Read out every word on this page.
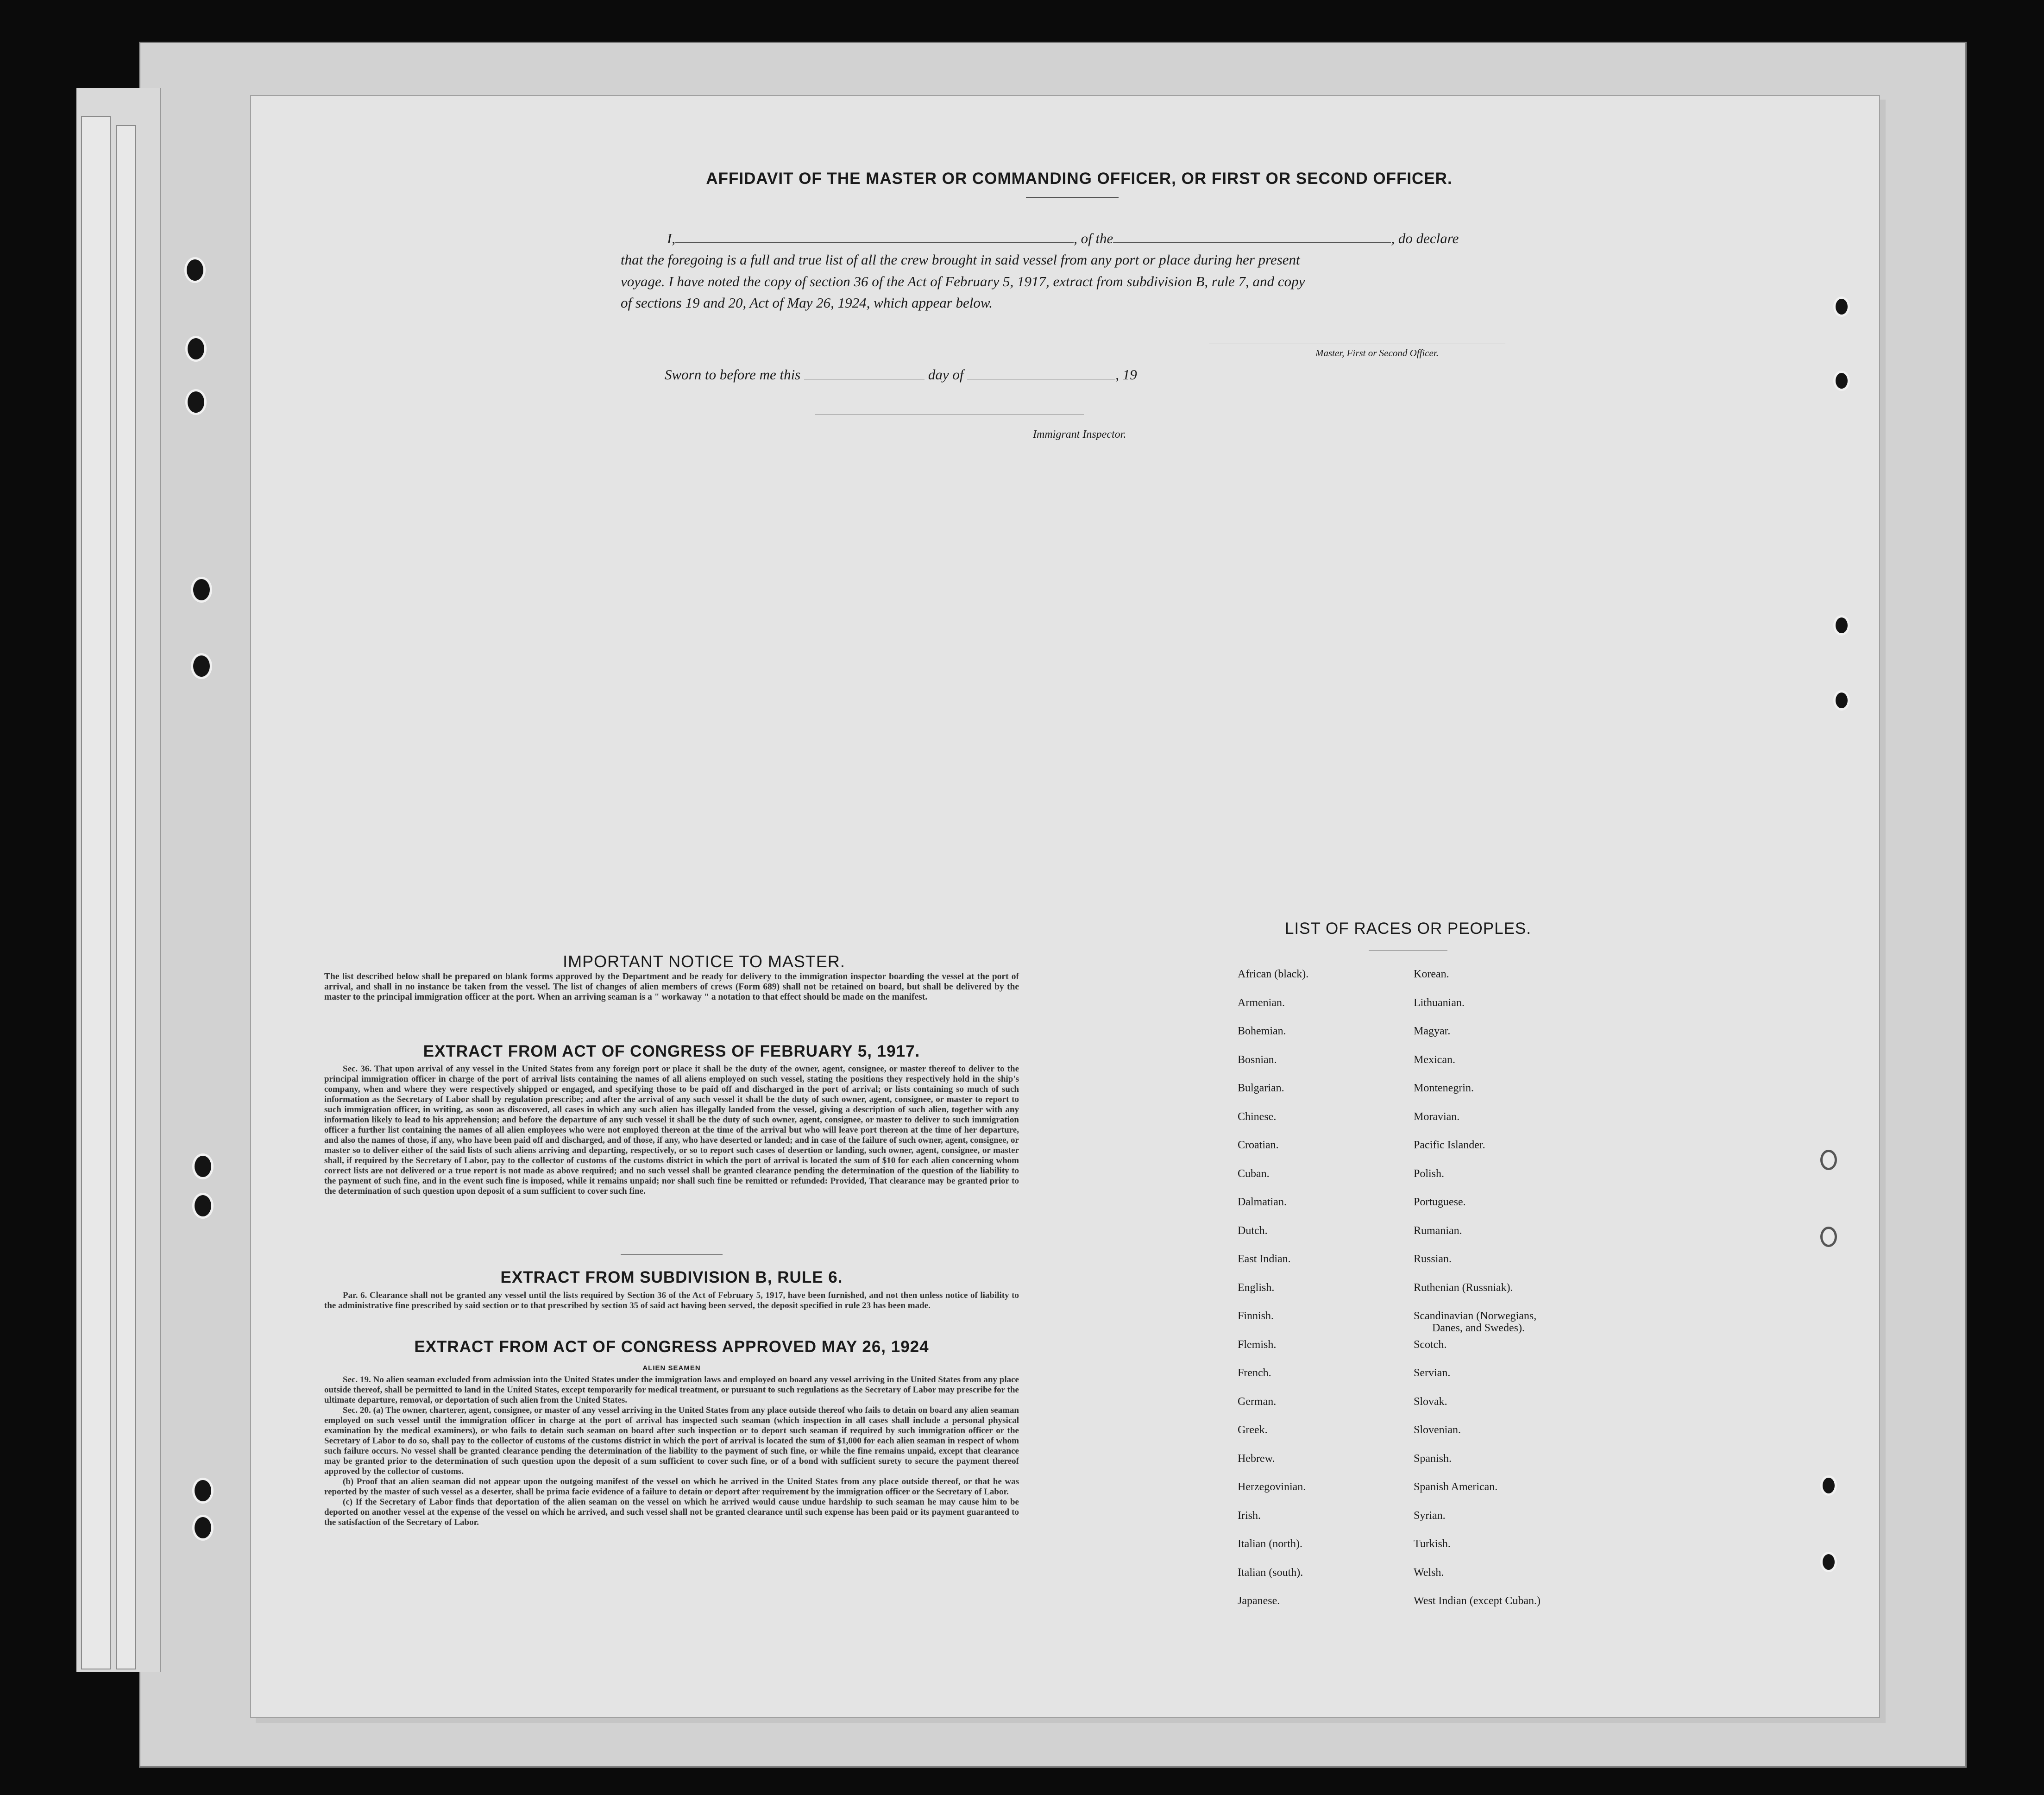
AFFIDAVIT OF THE MASTER OR COMMANDING OFFICER, OR FIRST OR SECOND OFFICER.
I,	, of the	, do declare
that the foregoing is a full and true list of all the crew brought in said vessel from any port or place during her present
voyage. I have noted the copy of section 36 of the Act of February 5, 1917, extract from subdivision B, rule 7, and copy
of sections 19 and 20, Act of May 26, 1924, which appear below.
Master, First or Second Officer.
Sworn to before me this	day of	, 19
Immigrant Inspector.
IMPORTANT NOTICE TO MASTER.
The list described below shall be prepared on blank forms approved by the Department and be ready for delivery to the immigration inspector boarding the vessel at the port of arrival, and shall in no instance be taken from the vessel. The list of changes of alien members of crews (Form 689) shall not be retained on board, but shall be delivered by the master to the principal immigration officer at the port. When an arriving seaman is a " workaway " a notation to that effect should be made on the manifest.
EXTRACT FROM ACT OF CONGRESS OF FEBRUARY 5, 1917.
Sec. 36. That upon arrival of any vessel in the United States from any foreign port or place it shall be the duty of the owner, agent, consignee, or master thereof to deliver to the principal immigration officer in charge of the port of arrival lists containing the names of all aliens employed on such vessel, stating the positions they respectively hold in the ship's company, when and where they were respectively shipped or engaged, and specifying those to be paid off and discharged in the port of arrival; or lists containing so much of such information as the Secretary of Labor shall by regulation prescribe; and after the arrival of any such vessel it shall be the duty of such owner, agent, consignee, or master to report to such immigration officer, in writing, as soon as discovered, all cases in which any such alien has illegally landed from the vessel, giving a description of such alien, together with any information likely to lead to his apprehension; and before the departure of any such vessel it shall be the duty of such owner, agent, consignee, or master to deliver to such immigration officer a further list containing the names of all alien employees who were not employed thereon at the time of the arrival but who will leave port thereon at the time of her departure, and also the names of those, if any, who have been paid off and discharged, and of those, if any, who have deserted or landed; and in case of the failure of such owner, agent, consignee, or master so to deliver either of the said lists of such aliens arriving and departing, respectively, or so to report such cases of desertion or landing, such owner, agent, consignee, or master shall, if required by the Secretary of Labor, pay to the collector of customs of the customs district in which the port of arrival is located the sum of $10 for each alien concerning whom correct lists are not delivered or a true report is not made as above required; and no such vessel shall be granted clearance pending the determination of the question of the liability to the payment of such fine, and in the event such fine is imposed, while it remains unpaid; nor shall such fine be remitted or refunded: Provided, That clearance may be granted prior to the determination of such question upon deposit of a sum sufficient to cover such fine.
EXTRACT FROM SUBDIVISION B, RULE 6.
Par. 6. Clearance shall not be granted any vessel until the lists required by Section 36 of the Act of February 5, 1917, have been furnished, and not then unless notice of liability to the administrative fine prescribed by said section or to that prescribed by section 35 of said act having been served, the deposit specified in rule 23 has been made.
EXTRACT FROM ACT OF CONGRESS APPROVED MAY 26, 1924
ALIEN SEAMEN

Sec. 19. No alien seaman excluded from admission into the United States under the immigration laws and employed on board any vessel arriving in the United States from any place outside thereof, shall be permitted to land in the United States, except temporarily for medical treatment, or pursuant to such regulations as the Secretary of Labor may prescribe for the ultimate departure, removal, or deportation of such alien from the United States.

Sec. 20. (a) The owner, charterer, agent, consignee, or master of any vessel arriving in the United States from any place outside thereof who fails to detain on board any alien seaman employed on such vessel until the immigration officer in charge at the port of arrival has inspected such seaman (which inspection in all cases shall include a personal physical examination by the medical examiners), or who fails to detain such seaman on board after such inspection or to deport such seaman if required by such immigration officer or the Secretary of Labor to do so, shall pay to the collector of customs of the customs district in which the port of arrival is located the sum of $1,000 for each alien seaman in respect of whom such failure occurs. No vessel shall be granted clearance pending the determination of the liability to the payment of such fine, or while the fine remains unpaid, except that clearance may be granted prior to the determination of such question upon the deposit of a sum sufficient to cover such fine, or of a bond with sufficient surety to secure the payment thereof approved by the collector of customs.

(b) Proof that an alien seaman did not appear upon the outgoing manifest of the vessel on which he arrived in the United States from any place outside thereof, or that he was reported by the master of such vessel as a deserter, shall be prima facie evidence of a failure to detain or deport after requirement by the immigration officer or the Secretary of Labor.

(c) If the Secretary of Labor finds that deportation of the alien seaman on the vessel on which he arrived would cause undue hardship to such seaman he may cause him to be deported on another vessel at the expense of the vessel on which he arrived, and such vessel shall not be granted clearance until such expense has been paid or its payment guaranteed to the satisfaction of the Secretary of Labor.

LIST OF RACES OR PEOPLES.
African (black).
Armenian.
Bohemian.
Bosnian.
Bulgarian.
Chinese.
Croatian.
Cuban.
Dalmatian.
Dutch.
East Indian.
English.
Finnish.
Flemish.
French.
German.
Greek.
Hebrew.
Herzegovinian.
Irish.
Italian (north).
Italian (south).
Japanese.
Korean.
Lithuanian.
Magyar.
Mexican.
Montenegrin.
Moravian.
Pacific Islander.
Polish.
Portuguese.
Rumanian.
Russian.
Ruthenian (Russniak).
Scandinavian (Norwegians,
Danes, and Swedes).
Scotch.
Servian.
Slovak.
Slovenian.
Spanish.
Spanish American.
Syrian.
Turkish.
Welsh.
West Indian (except Cuban.)
